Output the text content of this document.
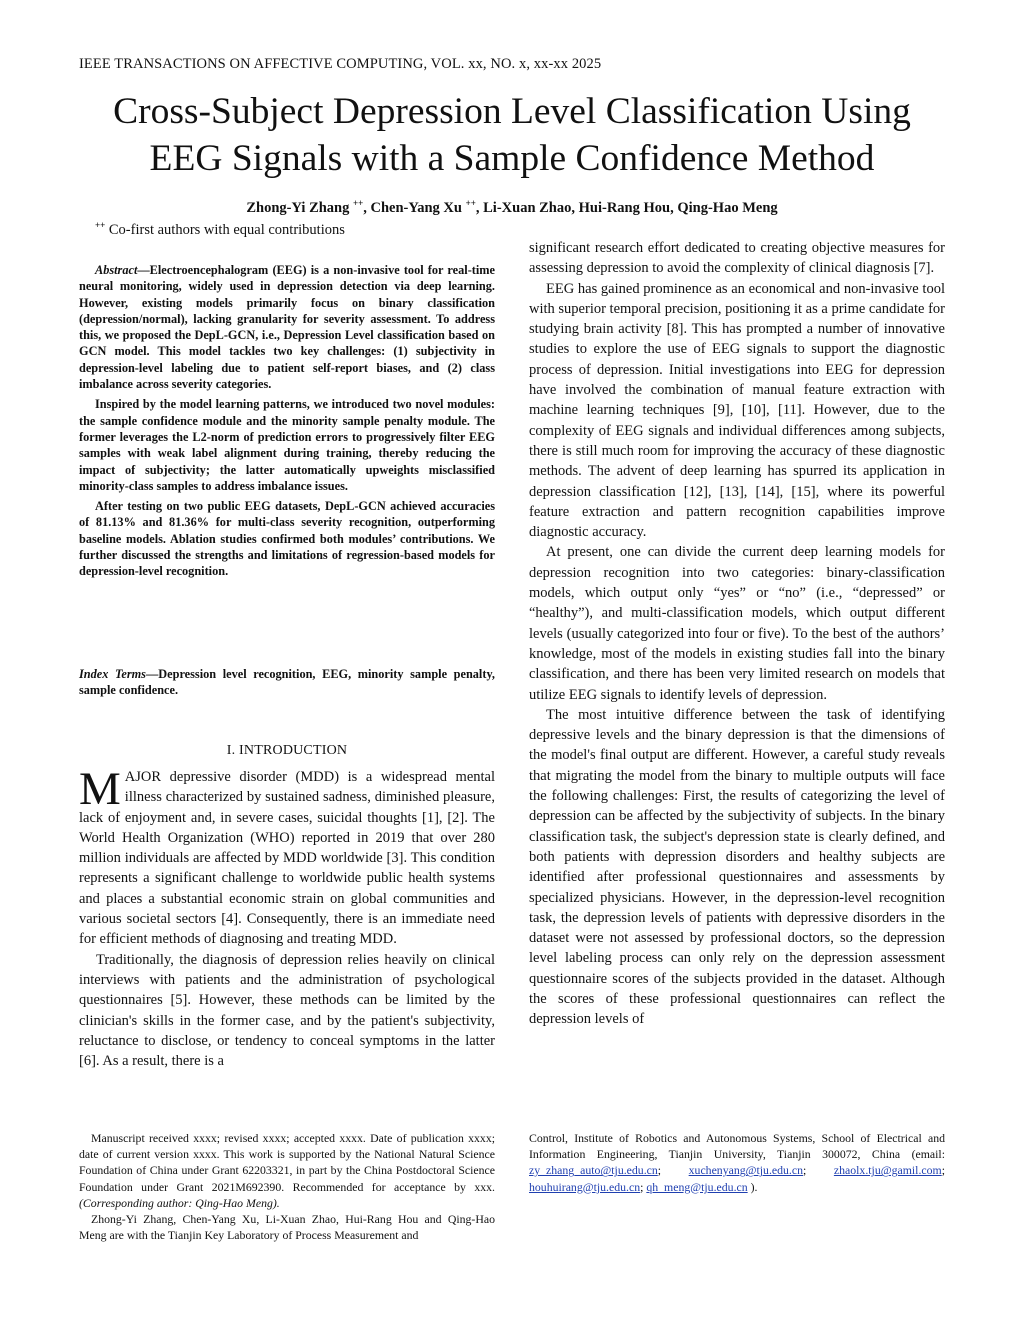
IEEE TRANSACTIONS ON AFFECTIVE COMPUTING, VOL. xx, NO. x, xx-xx 2025
Cross-Subject Depression Level Classification Using
EEG Signals with a Sample Confidence Method
Zhong-Yi Zhang ++, Chen-Yang Xu ++, Li-Xuan Zhao, Hui-Rang Hou, Qing-Hao Meng
++ Co-first authors with equal contributions

Abstract—Electroencephalogram (EEG) is a non-invasive tool for real-time neural monitoring, widely used in depression detection via deep learning. However, existing models primarily focus on binary classification (depression/normal), lacking granularity for severity assessment. To address this, we proposed the DepL-GCN, i.e., Depression Level classification based on GCN model. This model tackles two key challenges: (1) subjectivity in depression-level labeling due to patient self-report biases, and (2) class imbalance across severity categories.

Inspired by the model learning patterns, we introduced two novel modules: the sample confidence module and the minority sample penalty module. The former leverages the L2-norm of prediction errors to progressively filter EEG samples with weak label alignment during training, thereby reducing the impact of subjectivity; the latter automatically upweights misclassified minority-class samples to address imbalance issues.

After testing on two public EEG datasets, DepL-GCN achieved accuracies of 81.13% and 81.36% for multi-class severity recognition, outperforming baseline models. Ablation studies confirmed both modules’ contributions. We further discussed the strengths and limitations of regression-based models for depression-level recognition.

Index Terms—Depression level recognition, EEG, minority sample penalty, sample confidence.
I. INTRODUCTION

MAJOR depressive disorder (MDD) is a widespread mental illness characterized by sustained sadness, diminished pleasure, lack of enjoyment and, in severe cases, suicidal thoughts [1], [2]. The World Health Organization (WHO) reported in 2019 that over 280 million individuals are affected by MDD worldwide [3]. This condition represents a significant challenge to worldwide public health systems and places a substantial economic strain on global communities and various societal sectors [4]. Consequently, there is an immediate need for efficient methods of diagnosing and treating MDD.

Traditionally, the diagnosis of depression relies heavily on clinical interviews with patients and the administration of psychological questionnaires [5]. However, these methods can be limited by the clinician's skills in the former case, and by the patient's subjectivity, reluctance to disclose, or tendency to conceal symptoms in the latter [6]. As a result, there is a

significant research effort dedicated to creating objective measures for assessing depression to avoid the complexity of clinical diagnosis [7].

EEG has gained prominence as an economical and non-invasive tool with superior temporal precision, positioning it as a prime candidate for studying brain activity [8]. This has prompted a number of innovative studies to explore the use of EEG signals to support the diagnostic process of depression. Initial investigations into EEG for depression have involved the combination of manual feature extraction with machine learning techniques [9], [10], [11]. However, due to the complexity of EEG signals and individual differences among subjects, there is still much room for improving the accuracy of these diagnostic methods. The advent of deep learning has spurred its application in depression classification [12], [13], [14], [15], where its powerful feature extraction and pattern recognition capabilities improve diagnostic accuracy.

At present, one can divide the current deep learning models for depression recognition into two categories: binary-classification models, which output only “yes” or “no” (i.e., “depressed” or “healthy”), and multi-classification models, which output different levels (usually categorized into four or five). To the best of the authors’ knowledge, most of the models in existing studies fall into the binary classification, and there has been very limited research on models that utilize EEG signals to identify levels of depression.

The most intuitive difference between the task of identifying depressive levels and the binary depression is that the dimensions of the model's final output are different. However, a careful study reveals that migrating the model from the binary to multiple outputs will face the following challenges: First, the results of categorizing the level of depression can be affected by the subjectivity of subjects. In the binary classification task, the subject's depression state is clearly defined, and both patients with depression disorders and healthy subjects are identified after professional questionnaires and assessments by specialized physicians. However, in the depression-level recognition task, the depression levels of patients with depressive disorders in the dataset were not assessed by professional doctors, so the depression level labeling process can only rely on the depression assessment questionnaire scores of the subjects provided in the dataset. Although the scores of these professional questionnaires can reflect the depression levels of

Manuscript received xxxx; revised xxxx; accepted xxxx. Date of publication xxxx; date of current version xxxx. This work is supported by the National Natural Science Foundation of China under Grant 62203321, in part by the China Postdoctoral Science Foundation under Grant 2021M692390. Recommended for acceptance by xxx. (Corresponding author: Qing-Hao Meng).

Zhong-Yi Zhang, Chen-Yang Xu, Li-Xuan Zhao, Hui-Rang Hou and Qing-Hao Meng are with the Tianjin Key Laboratory of Process Measurement and

Control, Institute of Robotics and Autonomous Systems, School of Electrical and Information Engineering, Tianjin University, Tianjin 300072, China (email: zy_zhang_auto@tju.edu.cn; xuchenyang@tju.edu.cn; zhaolx.tju@gamil.com; houhuirang@tju.edu.cn; qh_meng@tju.edu.cn ).
